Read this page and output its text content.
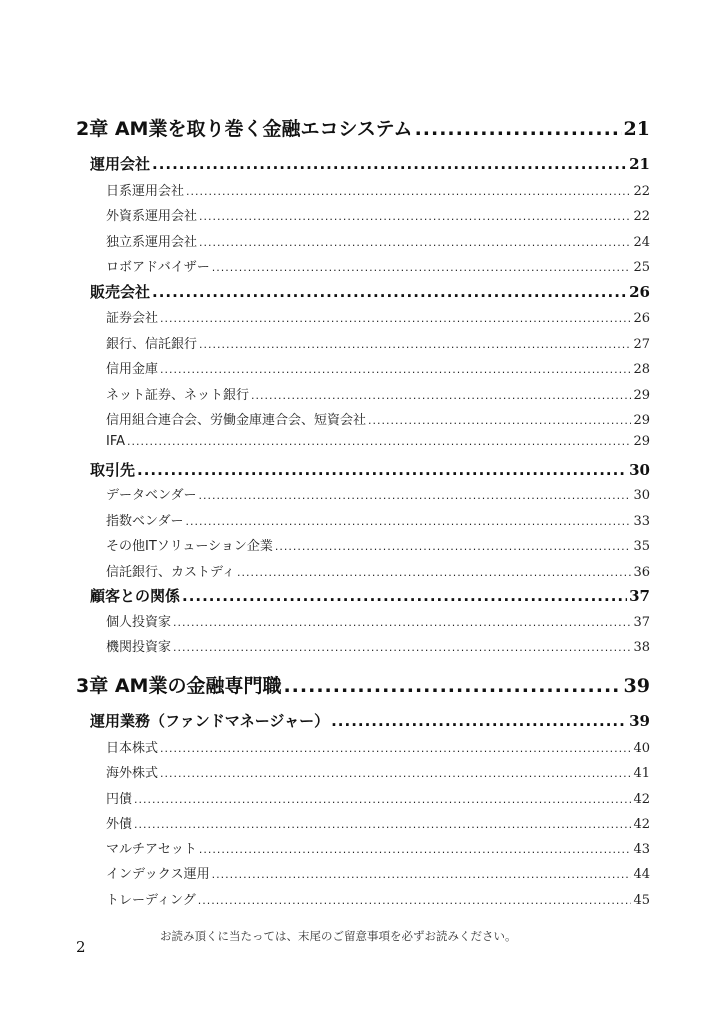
2章 AM業を取り巻く金融エコシステム .....	21
運用会社 .....	21
日系運用会社 .....	22
外資系運用会社 .....	22
独立系運用会社 .....	24
ロボアドバイザー .....	25
販売会社 .....	26
証券会社 .....	26
銀行、信託銀行 .....	27
信用金庫 .....	28
ネット証券、ネット銀行 .....	29
信用組合連合会、労働金庫連合会、短資会社 .....	29
IFA .....	29
取引先 .....	30
データベンダー .....	30
指数ベンダー .....	33
その他ITソリューション企業 .....	35
信託銀行、カストディ .....	36
顧客との関係 .....	37
個人投資家 .....	37
機関投資家 .....	38
3章 AM業の金融専門職 .....	39
運用業務（ファンドマネージャー） .....	39
日本株式 .....	40
海外株式 .....	41
円債 .....	42
外債 .....	42
マルチアセット .....	43
インデックス運用 .....	44
トレーディング .....	45
お読み頂くに当たっては、末尾のご留意事項を必ずお読みください。
2
